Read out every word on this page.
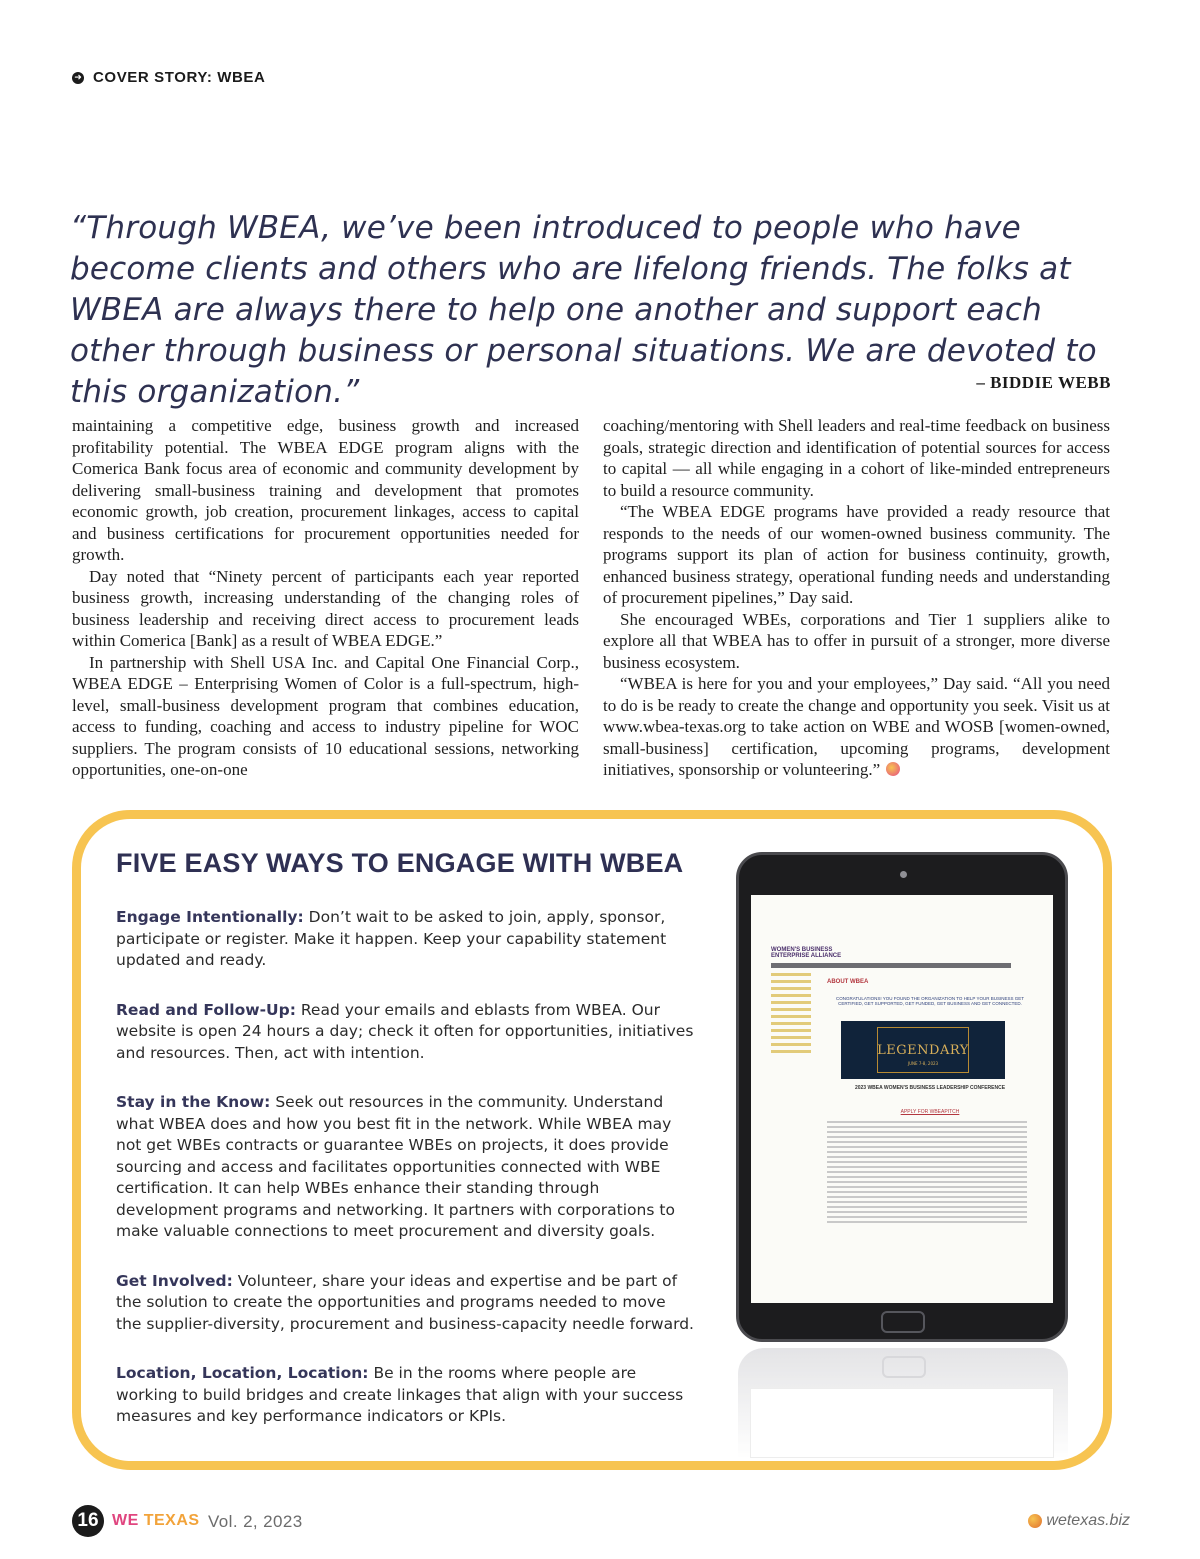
➜ COVER STORY: WBEA
“Through WBEA, we’ve been introduced to people who have become clients and others who are lifelong friends. The folks at WBEA are always there to help one another and support each other through business or personal situations. We are devoted to this organization.”	– BIDDIE WEBB

maintaining a competitive edge, business growth and increased profitability potential. The WBEA EDGE program aligns with the Comerica Bank focus area of economic and community development by delivering small-business training and development that promotes economic growth, job creation, procurement linkages, access to capital and business certifications for procurement opportunities needed for growth.

Day noted that “Ninety percent of participants each year reported business growth, increasing understanding of the changing roles of business leadership and receiving direct access to procurement leads within Comerica [Bank] as a result of WBEA EDGE.”

In partnership with Shell USA Inc. and Capital One Financial Corp., WBEA EDGE – Enterprising Women of Color is a full-spectrum, high-level, small-business development program that combines education, access to funding, coaching and access to industry pipeline for WOC suppliers. The program consists of 10 educational sessions, networking opportunities, one-on-one

coaching/mentoring with Shell leaders and real-time feedback on business goals, strategic direction and identification of potential sources for access to capital — all while engaging in a cohort of like-minded entrepreneurs to build a resource community.

“The WBEA EDGE programs have provided a ready resource that responds to the needs of our women-owned business community. The programs support its plan of action for business continuity, growth, enhanced business strategy, operational funding needs and understanding of procurement pipelines,” Day said.

She encouraged WBEs, corporations and Tier 1 suppliers alike to explore all that WBEA has to offer in pursuit of a stronger, more diverse business ecosystem.

“WBEA is here for you and your employees,” Day said. “All you need to do is be ready to create the change and opportunity you seek. Visit us at www.wbea-texas.org to take action on WBE and WOSB [women-owned, small-business] certification, upcoming programs, development initiatives, sponsorship or volunteering.”

FIVE EASY WAYS TO ENGAGE WITH WBEA
Engage Intentionally: Don’t wait to be asked to join, apply, sponsor, participate or register. Make it happen. Keep your capability statement updated and ready.
Read and Follow-Up: Read your emails and eblasts from WBEA. Our website is open 24 hours a day; check it often for opportunities, initiatives and resources. Then, act with intention.
Stay in the Know: Seek out resources in the community. Understand what WBEA does and how you best fit in the network. While WBEA may not get WBEs contracts or guarantee WBEs on projects, it does provide sourcing and access and facilitates opportunities connected with WBE certification. It can help WBEs enhance their standing through development programs and networking. It partners with corporations to make valuable connections to meet procurement and diversity goals.
Get Involved: Volunteer, share your ideas and expertise and be part of the solution to create the opportunities and programs needed to move the supplier-diversity, procurement and business-capacity needle forward.
Location, Location, Location: Be in the rooms where people are working to build bridges and create linkages that align with your success measures and key performance indicators or KPIs.
WOMEN'S BUSINESS ENTERPRISE ALLIANCE
ABOUT WBEA
CONGRATULATIONS! YOU FOUND THE ORGANIZATION TO HELP YOUR BUSINESS GET CERTIFIED, GET SUPPORTED, GET FUNDED, GET BUSINESS AND GET CONNECTED.
LEGENDARY
JUNE 7-8, 2023
2023 WBEA WOMEN'S BUSINESS LEADERSHIP CONFERENCE
APPLY FOR WBEAPITCH
16 WE TEXAS Vol. 2, 2023	wetexas.biz
